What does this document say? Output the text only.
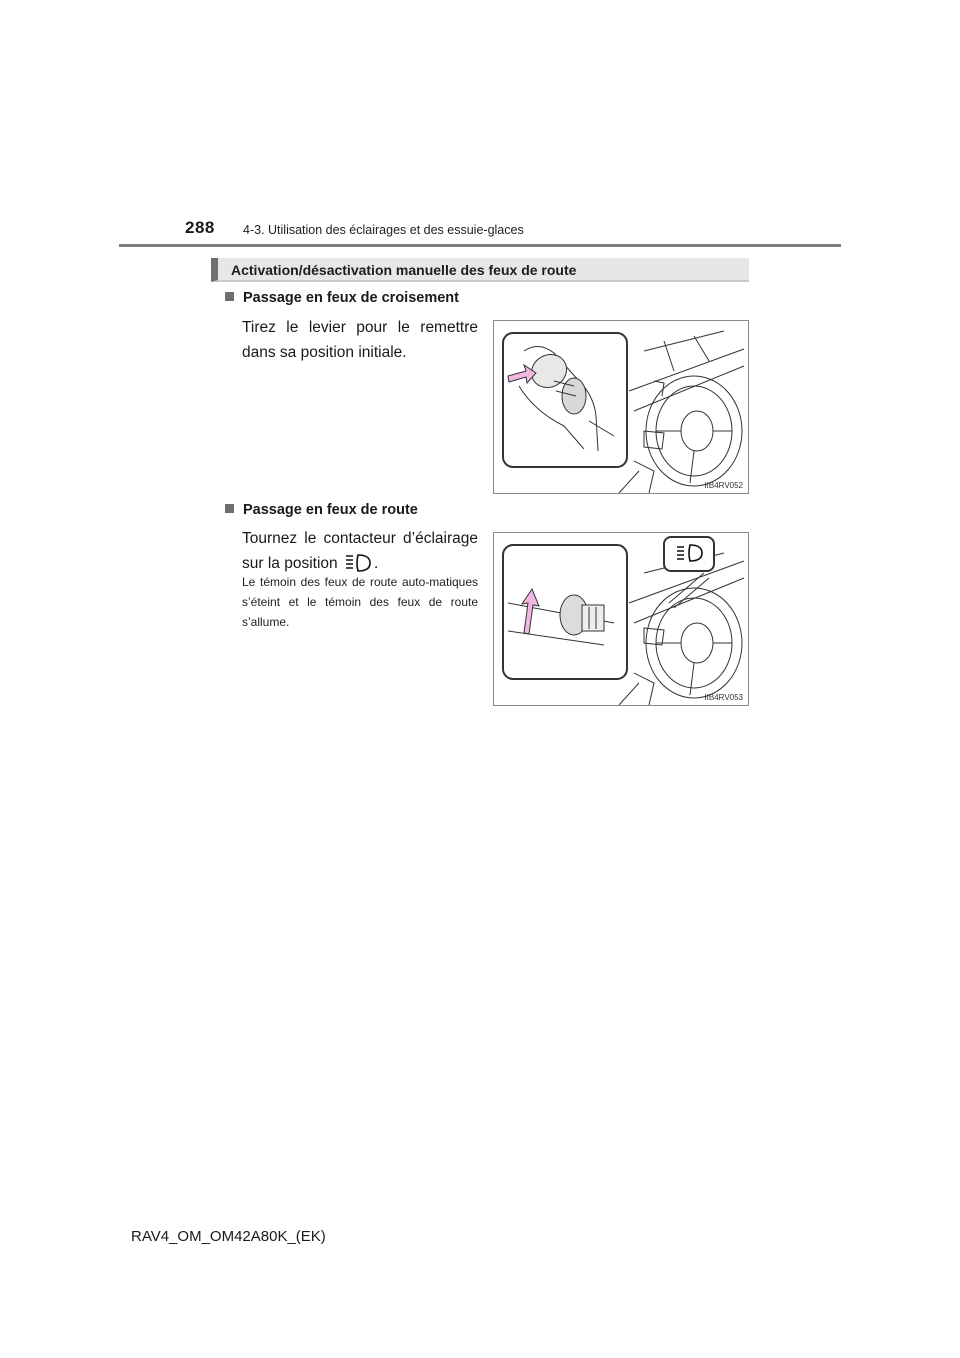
288 4-3. Utilisation des éclairages et des essuie-glaces
Activation/désactivation manuelle des feux de route
Passage en feux de croisement
Tirez le levier pour le remettre dans sa position initiale.
IIB4RV052
Passage en feux de route
Tournez le contacteur d’éclairage sur la position .
Le témoin des feux de route auto-matiques s’éteint et le témoin des feux de route s’allume.
IIB4RV053
RAV4_OM_OM42A80K_(EK)
